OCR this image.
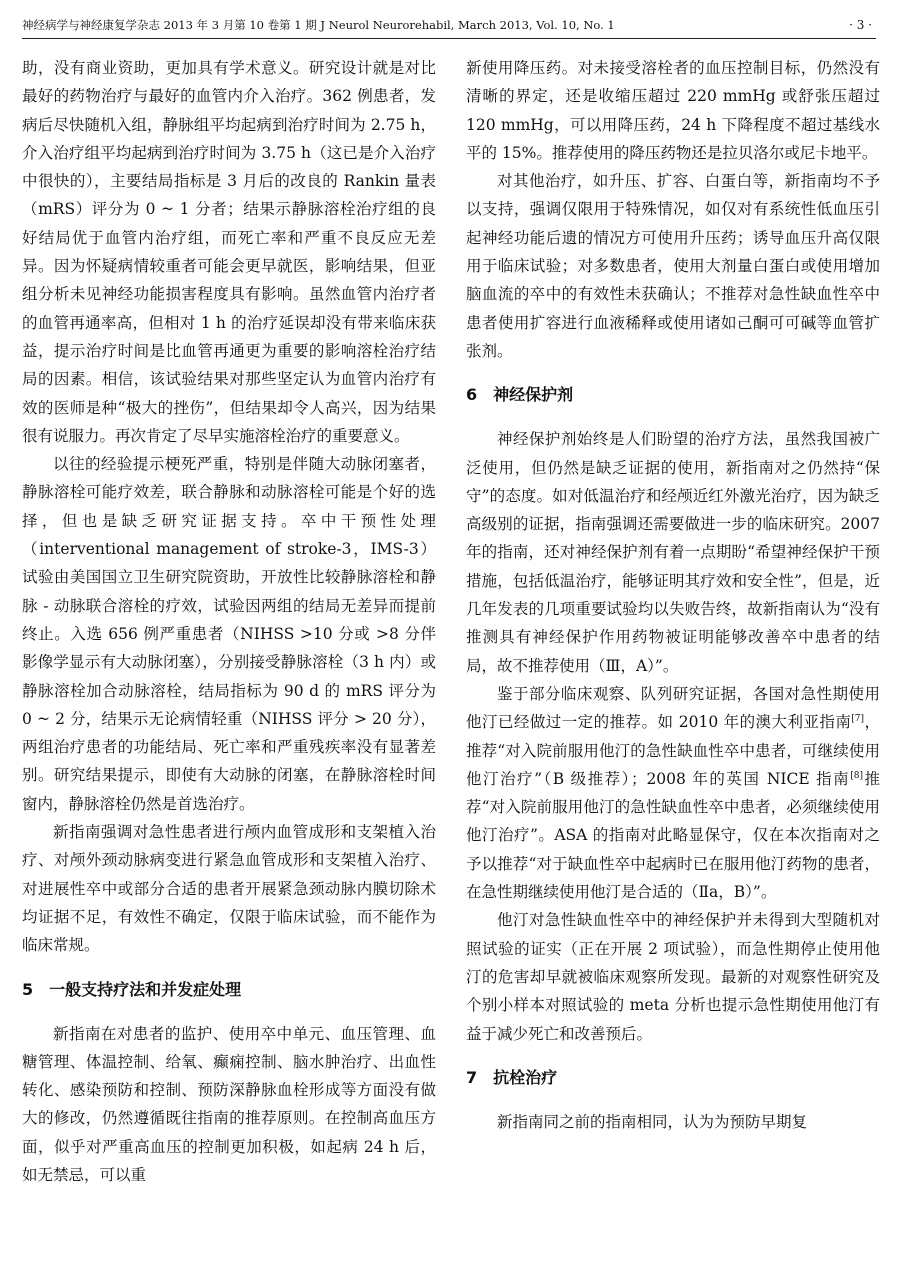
神经病学与神经康复学杂志 2013 年 3 月第 10 卷第 1 期 J Neurol Neurorehabil, March 2013, Vol. 10, No. 1	· 3 ·

助，没有商业资助，更加具有学术意义。研究设计就是对比最好的药物治疗与最好的血管内介入治疗。362 例患者，发病后尽快随机入组，静脉组平均起病到治疗时间为 2.75 h，介入治疗组平均起病到治疗时间为 3.75 h（这已是介入治疗中很快的），主要结局指标是 3 月后的改良的 Rankin 量表（mRS）评分为 0 ~ 1 分者；结果示静脉溶栓治疗组的良好结局优于血管内治疗组，而死亡率和严重不良反应无差异。因为怀疑病情较重者可能会更早就医，影响结果，但亚组分析未见神经功能损害程度具有影响。虽然血管内治疗者的血管再通率高，但相对 1 h 的治疗延误却没有带来临床获益，提示治疗时间是比血管再通更为重要的影响溶栓治疗结局的因素。相信，该试验结果对那些坚定认为血管内治疗有效的医师是种“极大的挫伤”，但结果却令人高兴，因为结果很有说服力。再次肯定了尽早实施溶栓治疗的重要意义。

以往的经验提示梗死严重，特别是伴随大动脉闭塞者，静脉溶栓可能疗效差，联合静脉和动脉溶栓可能是个好的选择，但也是缺乏研究证据支持。卒中干预性处理（interventional management of stroke-3，IMS-3）试验由美国国立卫生研究院资助，开放性比较静脉溶栓和静脉 - 动脉联合溶栓的疗效，试验因两组的结局无差异而提前终止。入选 656 例严重患者（NIHSS >10 分或 >8 分伴影像学显示有大动脉闭塞），分别接受静脉溶栓（3 h 内）或静脉溶栓加合动脉溶栓，结局指标为 90 d 的 mRS 评分为 0 ~ 2 分，结果示无论病情轻重（NIHSS 评分 > 20 分），两组治疗患者的功能结局、死亡率和严重残疾率没有显著差别。研究结果提示，即使有大动脉的闭塞，在静脉溶栓时间窗内，静脉溶栓仍然是首选治疗。

新指南强调对急性患者进行颅内血管成形和支架植入治疗、对颅外颈动脉病变进行紧急血管成形和支架植入治疗、对进展性卒中或部分合适的患者开展紧急颈动脉内膜切除术均证据不足，有效性不确定，仅限于临床试验，而不能作为临床常规。

5 一般支持疗法和并发症处理

新指南在对患者的监护、使用卒中单元、血压管理、血糖管理、体温控制、给氧、癫痫控制、脑水肿治疗、出血性转化、感染预防和控制、预防深静脉血栓形成等方面没有做大的修改，仍然遵循既往指南的推荐原则。在控制高血压方面，似乎对严重高血压的控制更加积极，如起病 24 h 后，如无禁忌，可以重

新使用降压药。对未接受溶栓者的血压控制目标，仍然没有清晰的界定，还是收缩压超过 220 mmHg 或舒张压超过 120 mmHg，可以用降压药，24 h 下降程度不超过基线水平的 15%。推荐使用的降压药物还是拉贝洛尔或尼卡地平。

对其他治疗，如升压、扩容、白蛋白等，新指南均不予以支持，强调仅限用于特殊情况，如仅对有系统性低血压引起神经功能后遗的情况方可使用升压药；诱导血压升高仅限用于临床试验；对多数患者，使用大剂量白蛋白或使用增加脑血流的卒中的有效性未获确认；不推荐对急性缺血性卒中患者使用扩容进行血液稀释或使用诸如己酮可可碱等血管扩张剂。

6 神经保护剂

神经保护剂始终是人们盼望的治疗方法，虽然我国被广泛使用，但仍然是缺乏证据的使用，新指南对之仍然持“保守”的态度。如对低温治疗和经颅近红外激光治疗，因为缺乏高级别的证据，指南强调还需要做进一步的临床研究。2007 年的指南，还对神经保护剂有着一点期盼“希望神经保护干预措施，包括低温治疗，能够证明其疗效和安全性”，但是，近几年发表的几项重要试验均以失败告终，故新指南认为“没有推测具有神经保护作用药物被证明能够改善卒中患者的结局，故不推荐使用（Ⅲ，A）”。

鉴于部分临床观察、队列研究证据，各国对急性期使用他汀已经做过一定的推荐。如 2010 年的澳大利亚指南[7]，推荐“对入院前服用他汀的急性缺血性卒中患者，可继续使用他汀治疗”（B 级推荐）；2008 年的英国 NICE 指南[8]推荐“对入院前服用他汀的急性缺血性卒中患者，必须继续使用他汀治疗”。ASA 的指南对此略显保守，仅在本次指南对之予以推荐“对于缺血性卒中起病时已在服用他汀药物的患者，在急性期继续使用他汀是合适的（Ⅱa，B）”。

他汀对急性缺血性卒中的神经保护并未得到大型随机对照试验的证实（正在开展 2 项试验），而急性期停止使用他汀的危害却早就被临床观察所发现。最新的对观察性研究及个别小样本对照试验的 meta 分析也提示急性期使用他汀有益于减少死亡和改善预后。

7 抗栓治疗

新指南同之前的指南相同，认为为预防早期复
